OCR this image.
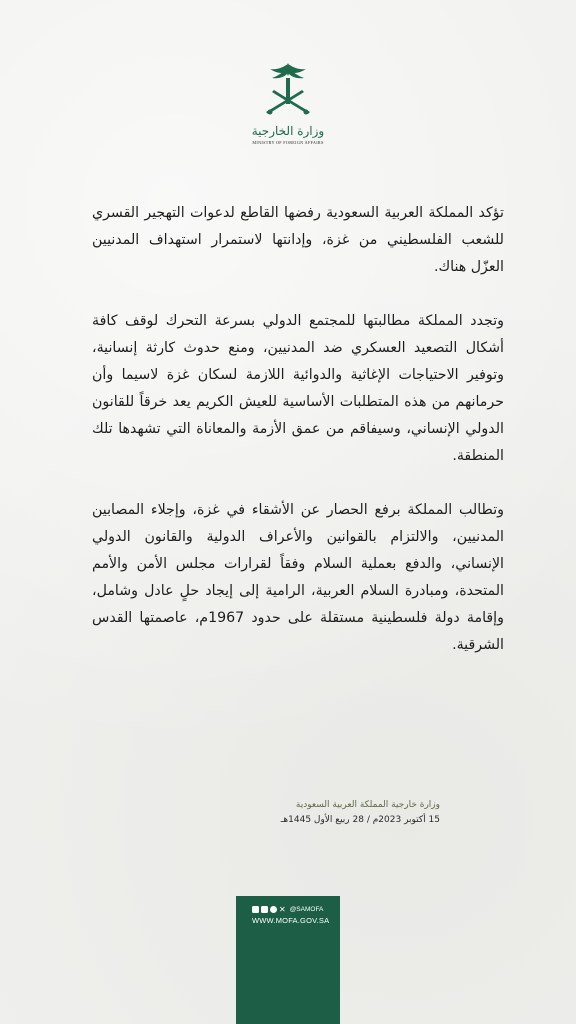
وزارة الخارجية
MINISTRY OF FOREIGN AFFAIRS

تؤكد المملكة العربية السعودية رفضها القاطع لدعوات التهجير القسري للشعب الفلسطيني من غزة، وإدانتها لاستمرار استهداف المدنيين العزّل هناك.

وتجدد المملكة مطالبتها للمجتمع الدولي بسرعة التحرك لوقف كافة أشكال التصعيد العسكري ضد المدنيين، ومنع حدوث كارثة إنسانية، وتوفير الاحتياجات الإغاثية والدوائية اللازمة لسكان غزة لاسيما وأن حرمانهم من هذه المتطلبات الأساسية للعيش الكريم يعد خرقاً للقانون الدولي الإنساني، وسيفاقم من عمق الأزمة والمعاناة التي تشهدها تلك المنطقة.

وتطالب المملكة برفع الحصار عن الأشقاء في غزة، وإجلاء المصابين المدنيين، والالتزام بالقوانين والأعراف الدولية والقانون الدولي الإنساني، والدفع بعملية السلام وفقاً لقرارات مجلس الأمن والأمم المتحدة، ومبادرة السلام العربية، الرامية إلى إيجاد حلٍ عادل وشامل، وإقامة دولة فلسطينية مستقلة على حدود 1967م، عاصمتها القدس الشرقية.

وزارة خارجية المملكة العربية السعودية
15 أكتوبر 2023م / 28 ربيع الأول 1445هـ
✕ @SAMOFA
WWW.MOFA.GOV.SA
